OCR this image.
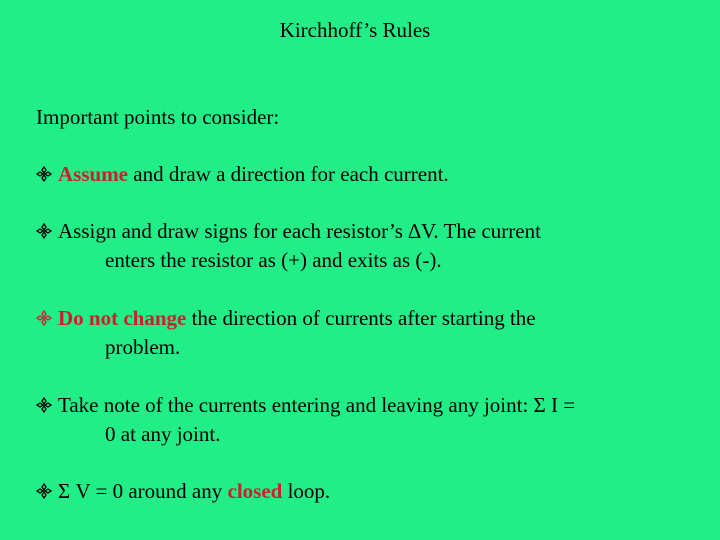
Kirchhoff’s Rules
Important points to consider:
Assume and draw a direction for each current.
Assign and draw signs for each resistor’s ∆V. The current
enters the resistor as (+) and exits as (-).
Do not change the direction of currents after starting the
problem.
Take note of the currents entering and leaving any joint: Σ I =
0 at any joint.
Σ V = 0 around any closed loop.
